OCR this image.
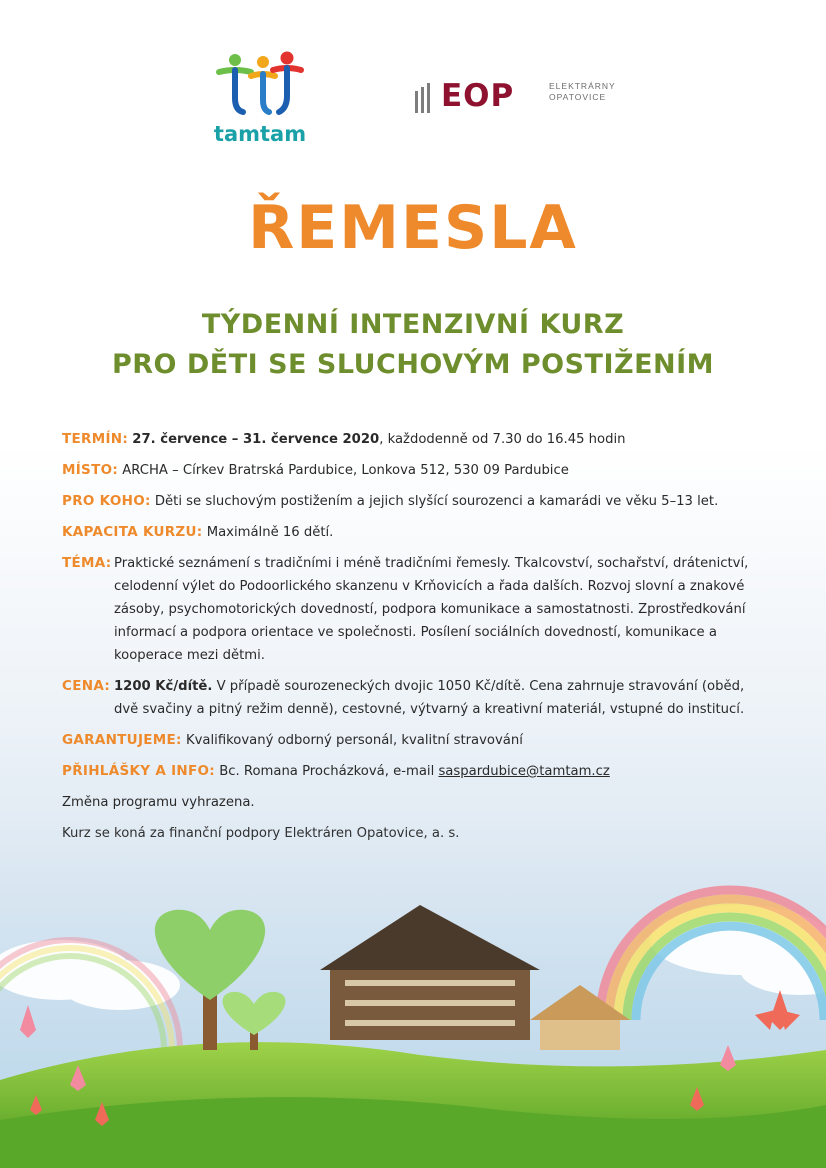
tamtam
EOP	ELEKTRÁRNY
OPATOVICE
ŘEMESLA
TÝDENNÍ INTENZIVNÍ KURZ
PRO DĚTI SE SLUCHOVÝM POSTIŽENÍM
TERMÍN: 27. července – 31. července 2020, každodenně od 7.30 do 16.45 hodin
MÍSTO: ARCHA – Církev Bratrská Pardubice, Lonkova 512, 530 09 Pardubice
PRO KOHO: Děti se sluchovým postižením a jejich slyšící sourozenci a kamarádi ve věku 5–13 let.
KAPACITA KURZU: Maximálně 16 dětí.
TÉMA: Praktické seznámení s tradičními i méně tradičními řemesly. Tkalcovství, sochařství, drátenictví, celodenní výlet do Podoorlického skanzenu v Krňovicích a řada dalších. Rozvoj slovní a znakové zásoby, psychomotorických dovedností, podpora komunikace a samostatnosti. Zprostředkování informací a podpora orientace ve společnosti. Posílení sociálních dovedností, komunikace a kooperace mezi dětmi.
CENA: 1200 Kč/dítě. V případě sourozeneckých dvojic 1050 Kč/dítě. Cena zahrnuje stravování (oběd, dvě svačiny a pitný režim denně), cestovné, výtvarný a kreativní materiál, vstupné do institucí.
GARANTUJEME: Kvalifikovaný odborný personál, kvalitní stravování
PŘIHLÁŠKY A INFO: Bc. Romana Procházková, e-mail saspardubice@tamtam.cz
Změna programu vyhrazena.
